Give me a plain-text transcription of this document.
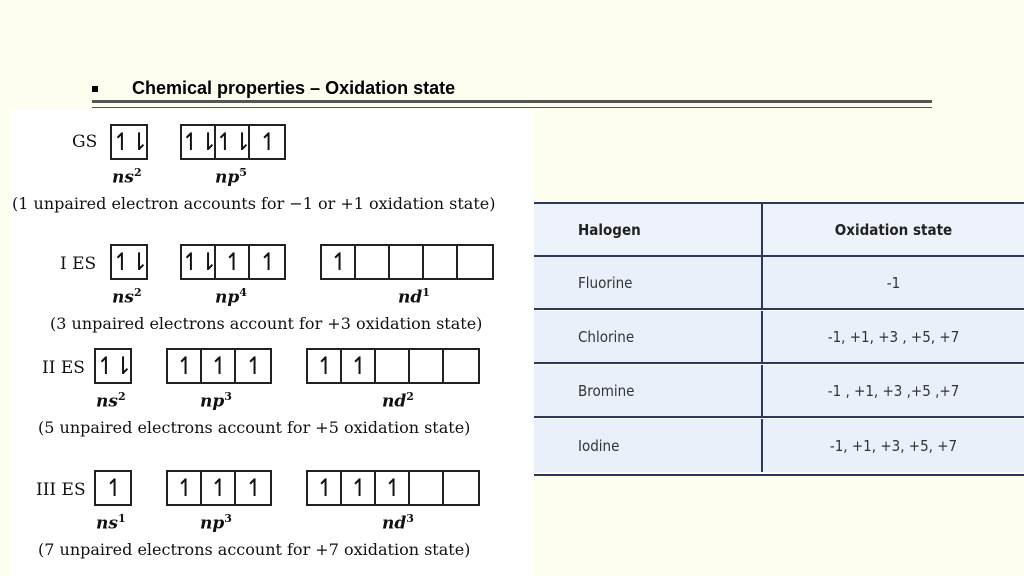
Chemical properties – Oxidation state
GS ↿⇂ ↿⇂ ↿⇂ ↿
$ns^2$	$np^5$
(1 unpaired electron accounts for −1 or +1 oxidation state)
I ES ↿⇂ ↿⇂ ↿ ↿	↿
$ns^2$	$np^4$	$nd^1$
(3 unpaired electrons account for +3 oxidation state)
II ES ↿⇂	↿ ↿ ↿	↿ ↿
$ns^2$	$np^3$	$nd^2$
(5 unpaired electrons account for +5 oxidation state)
III ES ↿	↿ ↿ ↿	↿ ↿ ↿
$ns^1$	$np^3$	$nd^3$
(7 unpaired electrons account for +7 oxidation state)
Halogen	Oxidation state
Fluorine	-1
Chlorine	-1, +1, +3 , +5, +7
Bromine	-1 , +1, +3 ,+5 ,+7
Iodine	-1, +1, +3, +5, +7
